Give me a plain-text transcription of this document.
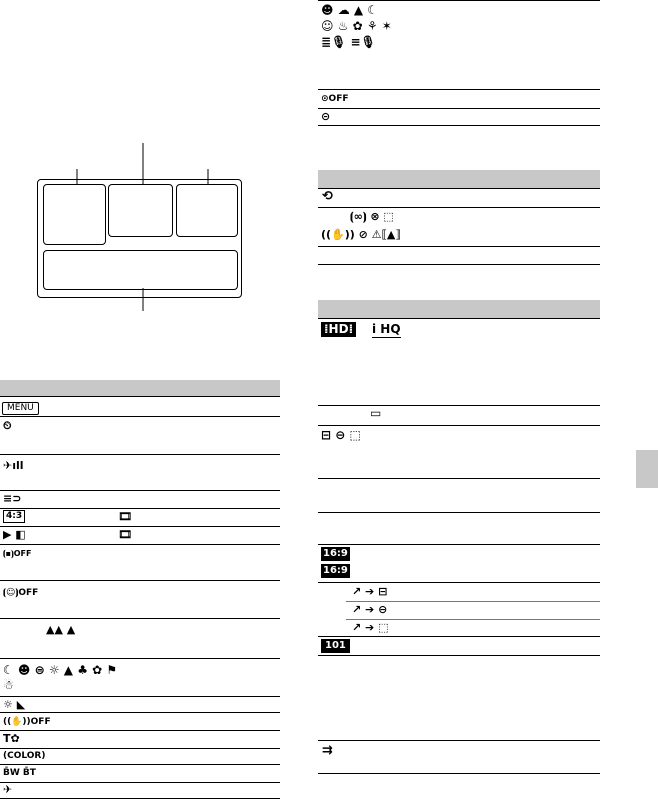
MENU
⏲
✈ıll
≡⊃
4:3	🎞
▶ ◧	🎞
⦗▪⦘OFF
⦗☺⦘OFF
▲▲ ▲
☾ ☻ ⊜ ☼ ▲ ♣ ✿ ⚑ ☃
☼ ◣
((✋))OFF
T✿
(COLOR)
B̄W B̄T
✈
☻ ☁ ▲ ☾
☺ ♨ ✿ ⚘ ✶
≣🎙 ≡🎙
⊙OFF
⊝
⟲
⦗∞⦘ ⊗ ⬚
((✋)) ⊘ ⚠⟦▲⟧
⁞HD⁞ i HQ
▭
⊟ ⊖ ⬚
16:9
16:9
↗ ➔ ⊟
↗ ➔ ⊖
↗ ➔ ⬚
101
⇉
